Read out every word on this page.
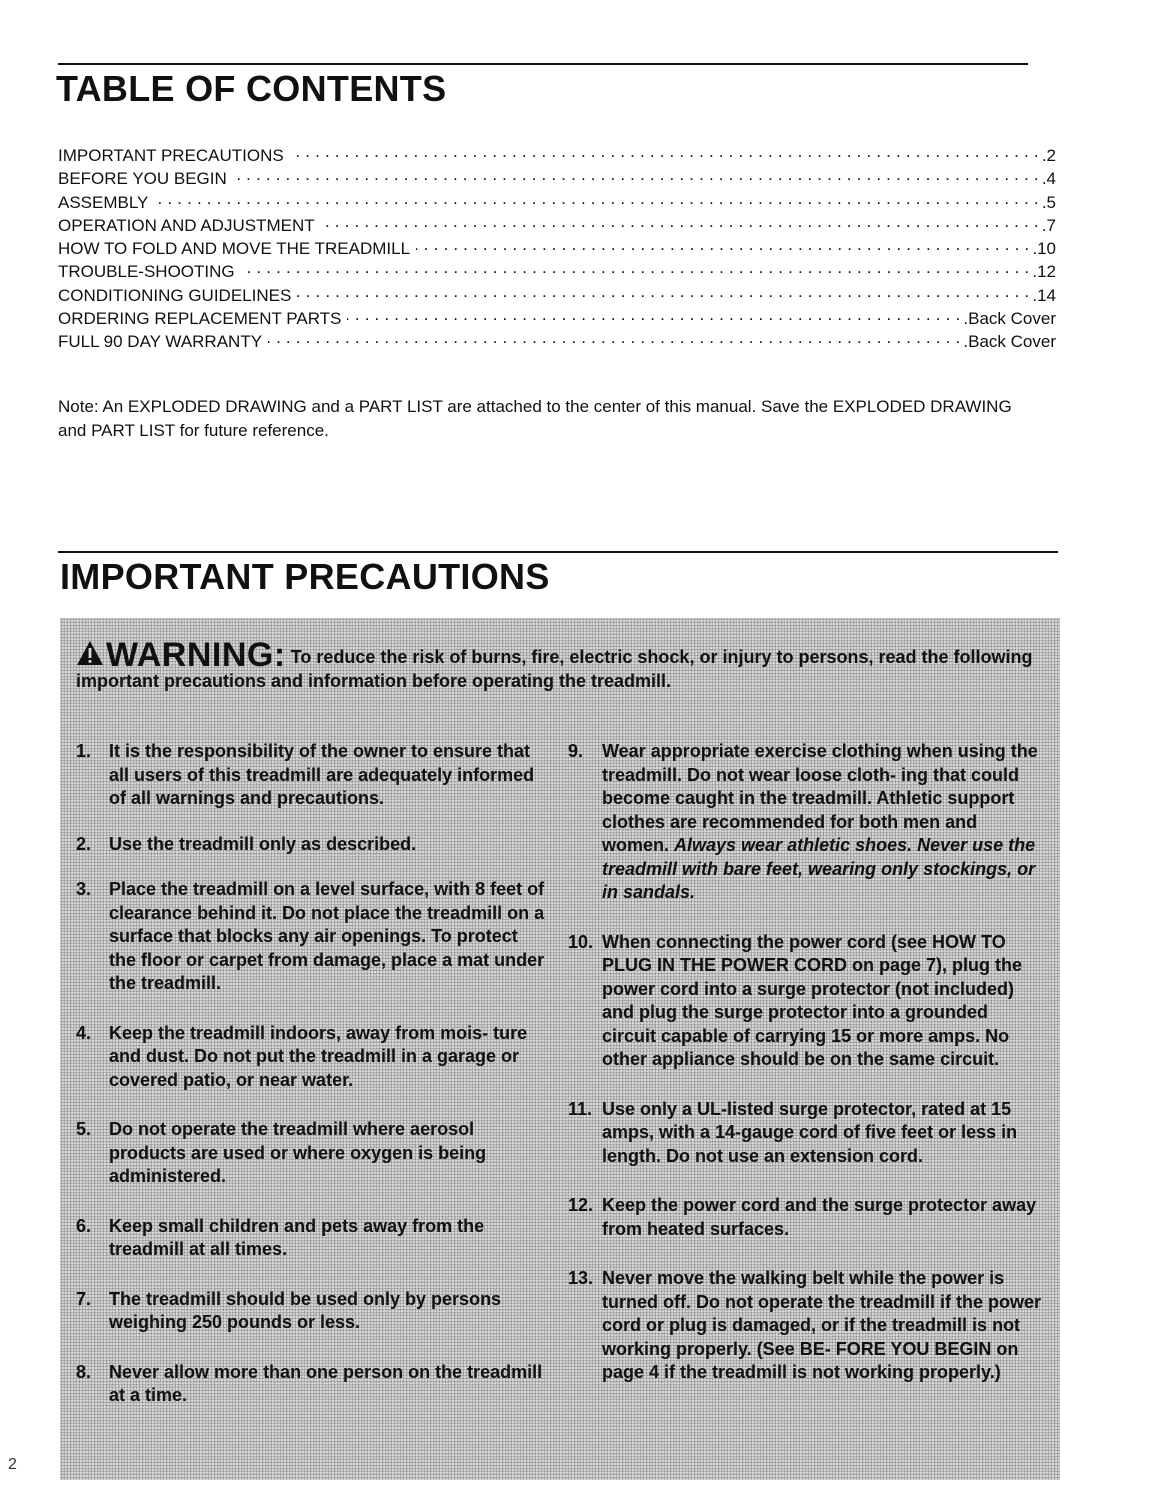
TABLE OF CONTENTS
IMPORTANT PRECAUTIONS . . .	.2
BEFORE YOU BEGIN . . .	.4
ASSEMBLY . . .	.5
OPERATION AND ADJUSTMENT . . .	.7
HOW TO FOLD AND MOVE THE TREADMILL . . .	.10
TROUBLE-SHOOTING . . .	.12
CONDITIONING GUIDELINES . . .	.14
ORDERING REPLACEMENT PARTS . . .	.Back Cover
FULL 90 DAY WARRANTY . . .	.Back Cover

Note: An EXPLODED DRAWING and a PART LIST are attached to the center of this manual. Save the EXPLODED DRAWING and PART LIST for future reference.

IMPORTANT PRECAUTIONS

WARNING: To reduce the risk of burns, fire, electric shock, or injury to persons, read the following important precautions and information before operating the treadmill.

1. It is the responsibility of the owner to ensure that all users of this treadmill are adequately informed of all warnings and precautions.
2. Use the treadmill only as described.
3. Place the treadmill on a level surface, with 8 feet of clearance behind it. Do not place the treadmill on a surface that blocks any air openings. To protect the floor or carpet from damage, place a mat under the treadmill.
4. Keep the treadmill indoors, away from mois- ture and dust. Do not put the treadmill in a garage or covered patio, or near water.
5. Do not operate the treadmill where aerosol products are used or where oxygen is being administered.
6. Keep small children and pets away from the treadmill at all times.
7. The treadmill should be used only by persons weighing 250 pounds or less.
8. Never allow more than one person on the treadmill at a time.
9.	Wear appropriate exercise clothing when using the treadmill. Do not wear loose cloth- ing that could become caught in the treadmill. Athletic support clothes are recommended for both men and women. Always wear athletic shoes. Never use the treadmill with bare feet, wearing only stockings, or in sandals.
10. When connecting the power cord (see HOW TO PLUG IN THE POWER CORD on page 7), plug the power cord into a surge protector (not included) and plug the surge protector into a grounded circuit capable of carrying 15 or more amps. No other appliance should be on the same circuit.
11. Use only a UL-listed surge protector, rated at 15 amps, with a 14-gauge cord of five feet or less in length. Do not use an extension cord.
12. Keep the power cord and the surge protector away from heated surfaces.
13. Never move the walking belt while the power is turned off. Do not operate the treadmill if the power cord or plug is damaged, or if the treadmill is not working properly. (See BE- FORE YOU BEGIN on page 4 if the treadmill is not working properly.)
2
